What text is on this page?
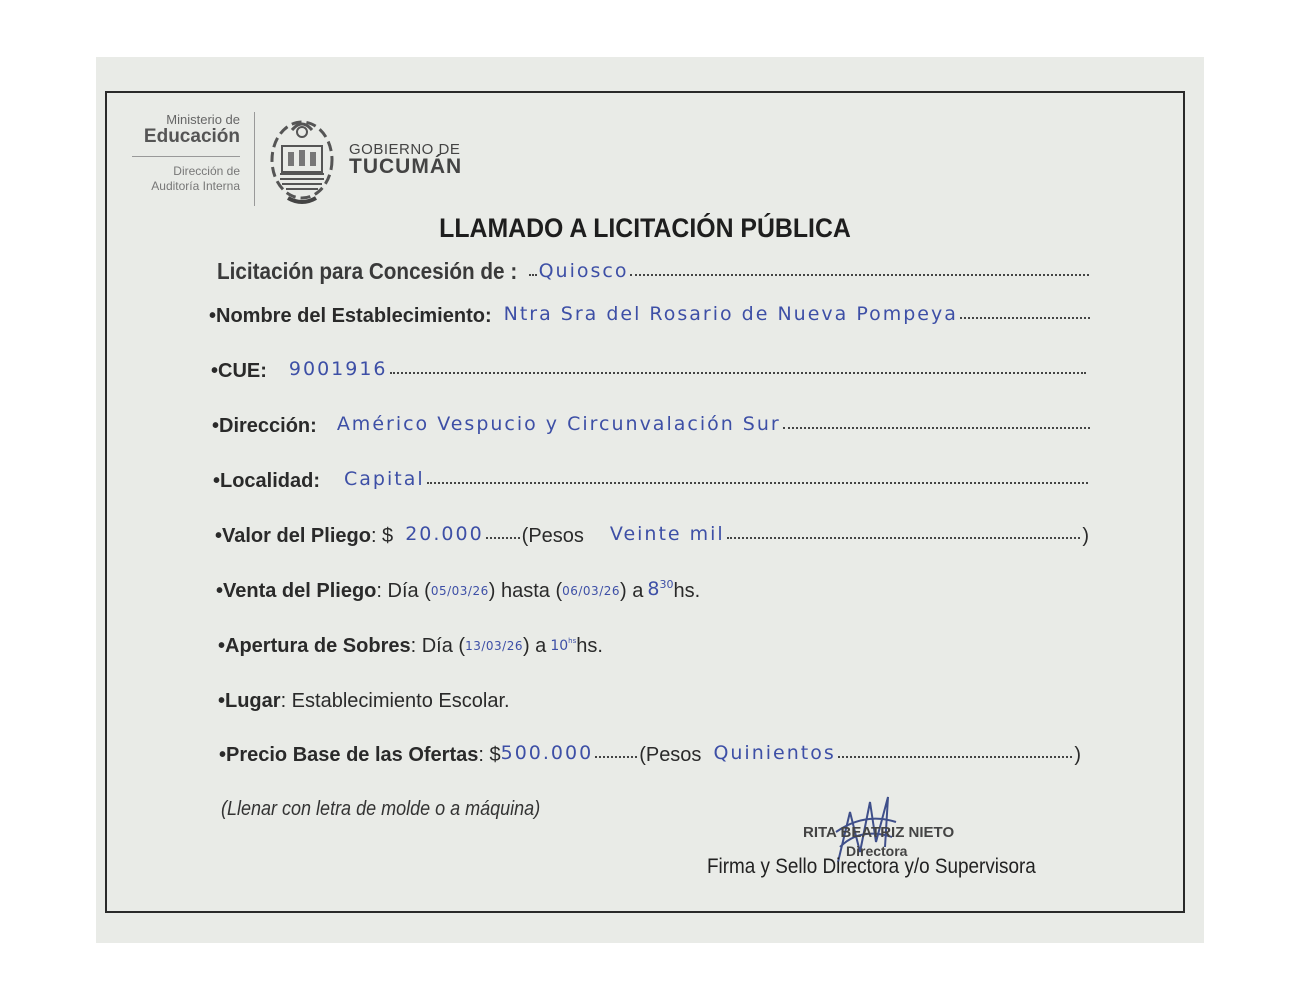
Ministerio de
Educación
Dirección de
Auditoría Interna
GOBIERNO DE
TUCUMÁN
LLAMADO A LICITACIÓN PÚBLICA
Licitación para Concesión de : Quiosco
•Nombre del Establecimiento: Ntra Sra del Rosario de Nueva Pompeya
•CUE: 9001916
•Dirección: Américo Vespucio y Circunvalación Sur
•Localidad: Capital
•Valor del Pliego : $ 20.000 (Pesos Veinte mil	)
•Venta del Pliego : Día ( 05/03/26 ) hasta ( 06/03/26 ) a 8 30 hs.
•Apertura de Sobres : Día ( 13/03/26 ) a 10 hs hs.
•Lugar : Establecimiento Escolar.
•Precio Base de las Ofertas : $ 500.000 (Pesos Quinientos	)
(Llenar con letra de molde o a máquina)
RITA BEATRIZ NIETO
Directora
Firma y Sello Directora y/o Supervisora
